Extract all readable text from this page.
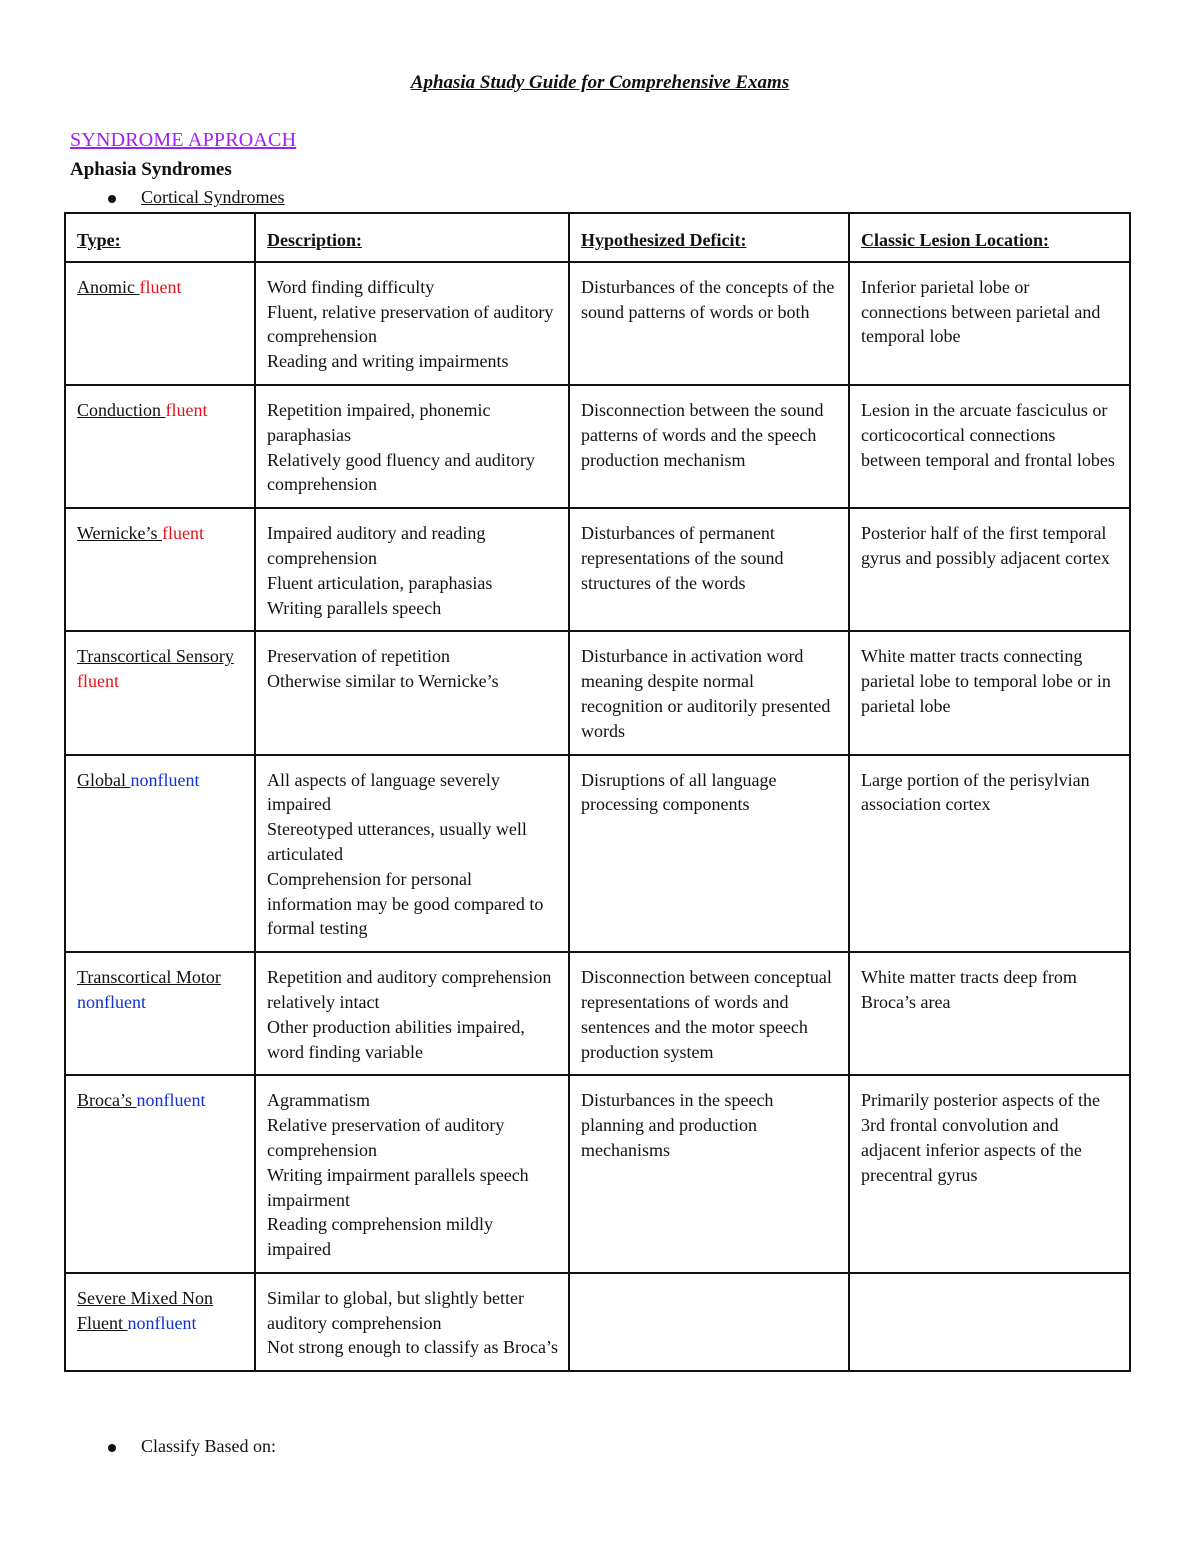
Aphasia Study Guide for Comprehensive Exams
SYNDROME APPROACH
Aphasia Syndromes
Cortical Syndromes
Type:	Description:	Hypothesized Deficit:	Classic Lesion Location:
Anomic fluent	Word finding difficulty
Fluent, relative preservation of auditory comprehension
Reading and writing impairments	Disturbances of the concepts of the sound patterns of words or both	Inferior parietal lobe or connections between parietal and temporal lobe
Conduction fluent	Repetition impaired, phonemic paraphasias
Relatively good fluency and auditory comprehension	Disconnection between the sound patterns of words and the speech production mechanism	Lesion in the arcuate fasciculus or corticocortical connections between temporal and frontal lobes
Wernicke’s fluent	Impaired auditory and reading comprehension
Fluent articulation, paraphasias
Writing parallels speech	Disturbances of permanent representations of the sound structures of the words	Posterior half of the first temporal gyrus and possibly adjacent cortex
Transcortical Sensory fluent	Preservation of repetition
Otherwise similar to Wernicke’s	Disturbance in activation word meaning despite normal recognition or auditorily presented words	White matter tracts connecting parietal lobe to temporal lobe or in parietal lobe
Global nonfluent	All aspects of language severely impaired
Stereotyped utterances, usually well articulated
Comprehension for personal information may be good compared to formal testing	Disruptions of all language processing components	Large portion of the perisylvian association cortex
Transcortical Motor nonfluent	Repetition and auditory comprehension relatively intact
Other production abilities impaired, word finding variable	Disconnection between conceptual representations of words and sentences and the motor speech production system	White matter tracts deep from Broca’s area
Broca’s nonfluent	Agrammatism
Relative preservation of auditory comprehension
Writing impairment parallels speech impairment
Reading comprehension mildly impaired	Disturbances in the speech planning and production mechanisms	Primarily posterior aspects of the 3rd frontal convolution and adjacent inferior aspects of the precentral gyrus
Severe Mixed Non Fluent nonfluent	Similar to global, but slightly better auditory comprehension
Not strong enough to classify as Broca’s		

Classify Based on:
